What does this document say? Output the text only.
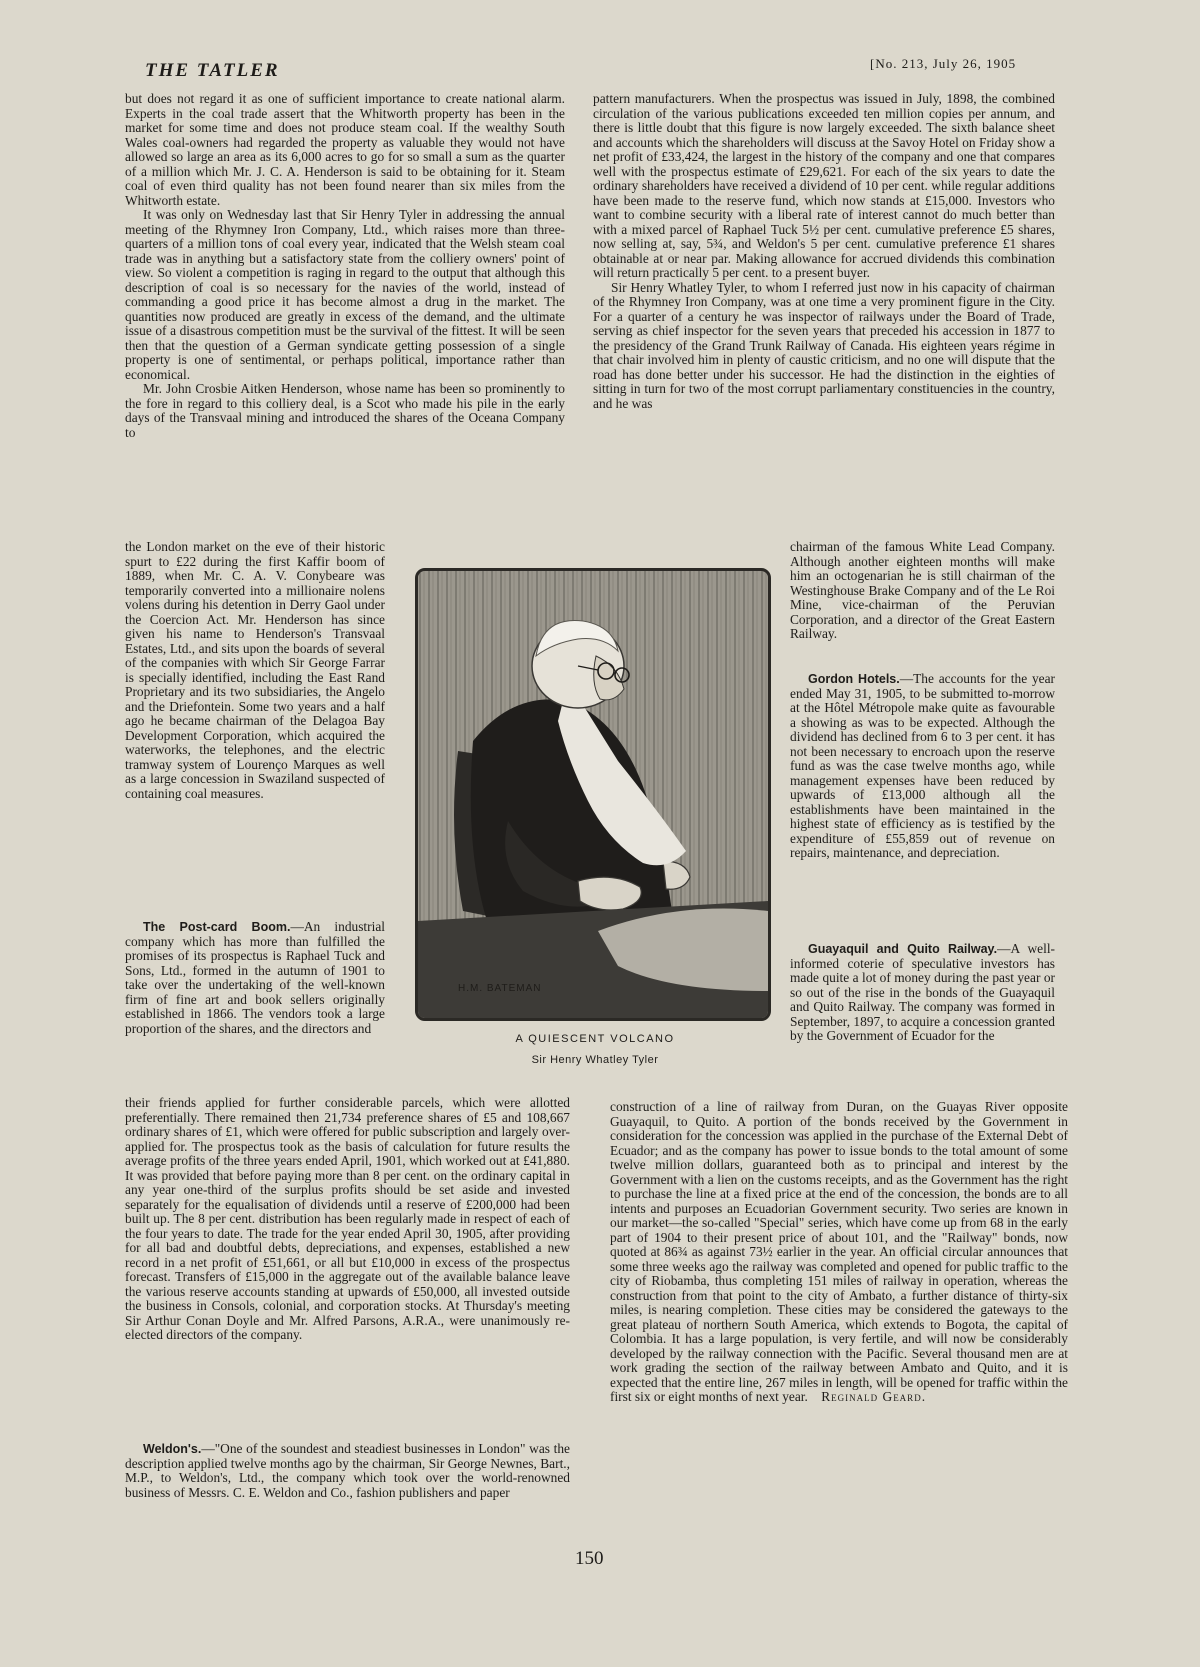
THE TATLER	[No. 213, July 26, 1905

but does not regard it as one of sufficient importance to create national alarm. Experts in the coal trade assert that the Whitworth property has been in the market for some time and does not produce steam coal. If the wealthy South Wales coal-owners had regarded the property as valuable they would not have allowed so large an area as its 6,000 acres to go for so small a sum as the quarter of a million which Mr. J. C. A. Henderson is said to be obtaining for it. Steam coal of even third quality has not been found nearer than six miles from the Whitworth estate.

It was only on Wednesday last that Sir Henry Tyler in addressing the annual meeting of the Rhymney Iron Company, Ltd., which raises more than three-quarters of a million tons of coal every year, indicated that the Welsh steam coal trade was in anything but a satisfactory state from the colliery owners' point of view. So violent a competition is raging in regard to the output that although this description of coal is so necessary for the navies of the world, instead of commanding a good price it has become almost a drug in the market. The quantities now produced are greatly in excess of the demand, and the ultimate issue of a disastrous competition must be the survival of the fittest. It will be seen then that the question of a German syndicate getting possession of a single property is one of sentimental, or perhaps political, importance rather than economical.

Mr. John Crosbie Aitken Henderson, whose name has been so prominently to the fore in regard to this colliery deal, is a Scot who made his pile in the early days of the Transvaal mining and introduced the shares of the Oceana Company to

the London market on the eve of their historic spurt to £22 during the first Kaffir boom of 1889, when Mr. C. A. V. Conybeare was temporarily converted into a millionaire nolens volens during his detention in Derry Gaol under the Coercion Act. Mr. Henderson has since given his name to Henderson's Transvaal Estates, Ltd., and sits upon the boards of several of the companies with which Sir George Farrar is specially identified, including the East Rand Proprietary and its two subsidiaries, the Angelo and the Driefontein. Some two years and a half ago he became chairman of the Delagoa Bay Development Corporation, which acquired the waterworks, the telephones, and the electric tramway system of Lourenço Marques as well as a large concession in Swaziland suspected of containing coal measures.

The Post-card Boom.—An industrial company which has more than fulfilled the promises of its prospectus is Raphael Tuck and Sons, Ltd., formed in the autumn of 1901 to take over the undertaking of the well-known firm of fine art and book sellers originally established in 1866. The vendors took a large proportion of the shares, and the directors and

their friends applied for further considerable parcels, which were allotted preferentially. There remained then 21,734 preference shares of £5 and 108,667 ordinary shares of £1, which were offered for public subscription and largely over-applied for. The prospectus took as the basis of calculation for future results the average profits of the three years ended April, 1901, which worked out at £41,880. It was provided that before paying more than 8 per cent. on the ordinary capital in any year one-third of the surplus profits should be set aside and invested separately for the equalisation of dividends until a reserve of £200,000 had been built up. The 8 per cent. distribution has been regularly made in respect of each of the four years to date. The trade for the year ended April 30, 1905, after providing for all bad and doubtful debts, depreciations, and expenses, established a new record in a net profit of £51,661, or all but £10,000 in excess of the prospectus forecast. Transfers of £15,000 in the aggregate out of the available balance leave the various reserve accounts standing at upwards of £50,000, all invested outside the business in Consols, colonial, and corporation stocks. At Thursday's meeting Sir Arthur Conan Doyle and Mr. Alfred Parsons, A.R.A., were unanimously re-elected directors of the company.

Weldon's.—"One of the soundest and steadiest businesses in London" was the description applied twelve months ago by the chairman, Sir George Newnes, Bart., M.P., to Weldon's, Ltd., the company which took over the world-renowned business of Messrs. C. E. Weldon and Co., fashion publishers and paper

pattern manufacturers. When the prospectus was issued in July, 1898, the combined circulation of the various publications exceeded ten million copies per annum, and there is little doubt that this figure is now largely exceeded. The sixth balance sheet and accounts which the shareholders will discuss at the Savoy Hotel on Friday show a net profit of £33,424, the largest in the history of the company and one that compares well with the prospectus estimate of £29,621. For each of the six years to date the ordinary shareholders have received a dividend of 10 per cent. while regular additions have been made to the reserve fund, which now stands at £15,000. Investors who want to combine security with a liberal rate of interest cannot do much better than with a mixed parcel of Raphael Tuck 5½ per cent. cumulative preference £5 shares, now selling at, say, 5¾, and Weldon's 5 per cent. cumulative preference £1 shares obtainable at or near par. Making allowance for accrued dividends this combination will return practically 5 per cent. to a present buyer.

Sir Henry Whatley Tyler, to whom I referred just now in his capacity of chairman of the Rhymney Iron Company, was at one time a very prominent figure in the City. For a quarter of a century he was inspector of railways under the Board of Trade, serving as chief inspector for the seven years that preceded his accession in 1877 to the presidency of the Grand Trunk Railway of Canada. His eighteen years régime in that chair involved him in plenty of caustic criticism, and no one will dispute that the road has done better under his successor. He had the distinction in the eighties of sitting in turn for two of the most corrupt parliamentary constituencies in the country, and he was

chairman of the famous White Lead Company. Although another eighteen months will make him an octogenarian he is still chairman of the Westinghouse Brake Company and of the Le Roi Mine, vice-chairman of the Peruvian Corporation, and a director of the Great Eastern Railway.

Gordon Hotels.—The accounts for the year ended May 31, 1905, to be submitted to-morrow at the Hôtel Métropole make quite as favourable a showing as was to be expected. Although the dividend has declined from 6 to 3 per cent. it has not been necessary to encroach upon the reserve fund as was the case twelve months ago, while management expenses have been reduced by upwards of £13,000 although all the establishments have been maintained in the highest state of efficiency as is testified by the expenditure of £55,859 out of revenue on repairs, maintenance, and depreciation.

Guayaquil and Quito Railway.—A well-informed coterie of speculative investors has made quite a lot of money during the past year or so out of the rise in the bonds of the Guayaquil and Quito Railway. The company was formed in September, 1897, to acquire a concession granted by the Government of Ecuador for the

construction of a line of railway from Duran, on the Guayas River opposite Guayaquil, to Quito. A portion of the bonds received by the Government in consideration for the concession was applied in the purchase of the External Debt of Ecuador; and as the company has power to issue bonds to the total amount of some twelve million dollars, guaranteed both as to principal and interest by the Government with a lien on the customs receipts, and as the Government has the right to purchase the line at a fixed price at the end of the concession, the bonds are to all intents and purposes an Ecuadorian Government security. Two series are known in our market—the so-called "Special" series, which have come up from 68 in the early part of 1904 to their present price of about 101, and the "Railway" bonds, now quoted at 86¾ as against 73½ earlier in the year. An official circular announces that some three weeks ago the railway was completed and opened for public traffic to the city of Riobamba, thus completing 151 miles of railway in operation, whereas the construction from that point to the city of Ambato, a further distance of thirty-six miles, is nearing completion. These cities may be considered the gateways to the great plateau of northern South America, which extends to Bogota, the capital of Colombia. It has a large population, is very fertile, and will now be considerably developed by the railway connection with the Pacific. Several thousand men are at work grading the section of the railway between Ambato and Quito, and it is expected that the entire line, 267 miles in length, will be opened for traffic within the first six or eight months of next year. Reginald Geard.

H.M. BATEMAN
A QUIESCENT VOLCANO
Sir Henry Whatley Tyler
150
